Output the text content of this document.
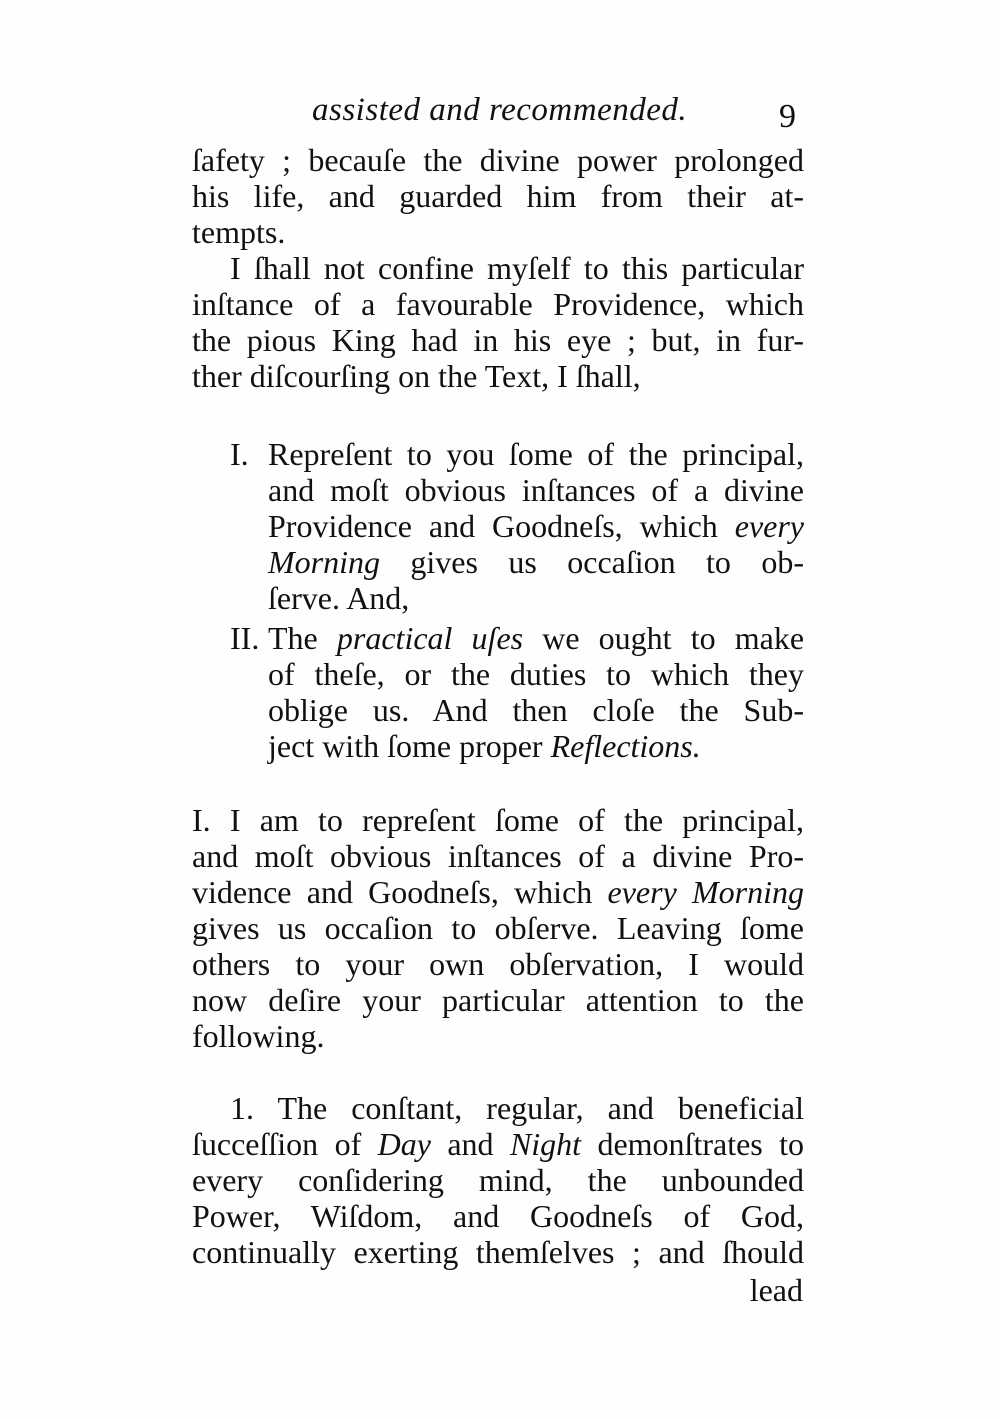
assisted and recommended.	9
ſafety ; becauſe the divine power prolonged
his life, and guarded him from their at-
tempts.
I ſhall not confine myſelf to this particular
inſtance of a favourable Providence, which
the pious King had in his eye ; but, in fur-
ther diſcourſing on the Text, I ſhall,
I. Repreſent to you ſome of the principal,
and moſt obvious inſtances of a divine
Providence and Goodneſs, which every
Morning gives us occaſion to ob-
ſerve. And,
II. The practical uſes we ought to make
of theſe, or the duties to which they
oblige us. And then cloſe the Sub-
ject with ſome proper Reflections.
I. I am to repreſent ſome of the principal,
and moſt obvious inſtances of a divine Pro-
vidence and Goodneſs, which every Morning
gives us occaſion to obſerve. Leaving ſome
others to your own obſervation, I would
now deſire your particular attention to the
following.
1. The conſtant, regular, and beneficial
ſucceſſion of Day and Night demonſtrates to
every conſidering mind, the unbounded
Power, Wiſdom, and Goodneſs of God,
continually exerting themſelves ; and ſhould
lead
